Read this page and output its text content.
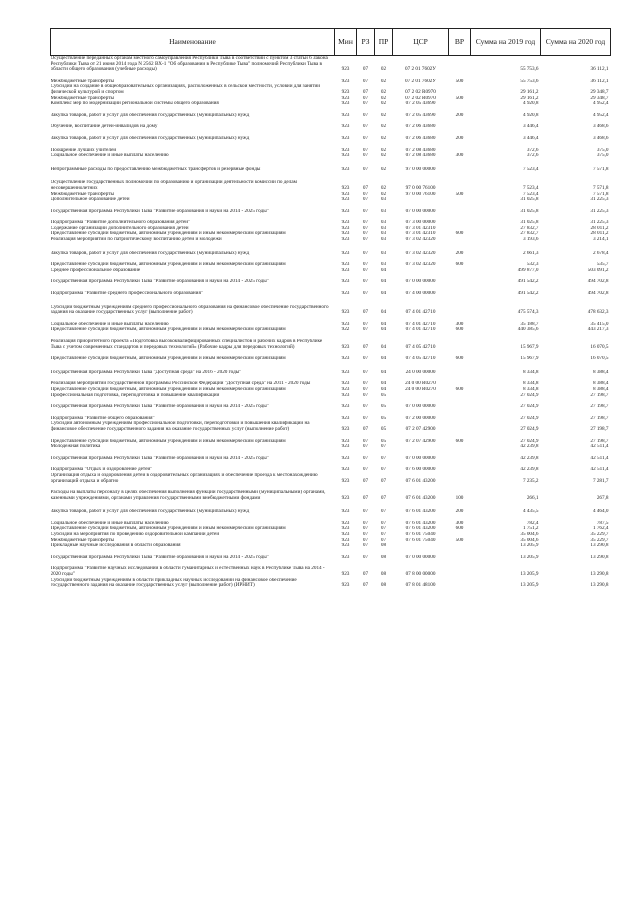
Наименование	Мин	РЗ	ПР	ЦСР	ВР	Сумма на 2019 год	Сумма на 2020 год
Осуществление переданных органам местного самоуправления Республики Тыва в соответствии с пунктом 3 статьи 6 Закона Республики Тыва от 21 июня 2014 года N 2562 ВХ-1 "Об образовании в Республике Тыва" полномочий Республики Тыва в области общего образования (учебные расходы)	923	07	02	07 2 01 7602У		55 753,6	36 112,1

Межбюджетные трансферты	923	07	02	07 2 01 7602У	500	55 753,6	36 112,1
Субсидии на создание в общеобразовательных организациях, расположенных в сельской местности, условий для занятий физической культурой и спортом	923	07	02	07 2 02 R0970		29 161,2	29 348,7
Межбюджетные трансферты	923	07	02	07 2 02 R0970	500	29 161,2	29 348,7
Комплекс мер по модернизации региональной системы общего образования	923	07	02	07 2 05 43690		4 920,8	4 952,4

Закупка товаров, работ и услуг для обеспечения государственных (муниципальных) нужд	923	07	02	07 2 05 43690	200	4 920,8	4 952,4

Обучение, воспитание детей-инвалидов на дому	923	07	02	07 2 06 43680		3 446,4	3 468,6

Закупка товаров, работ и услуг для обеспечения государственных (муниципальных) нужд	923	07	02	07 2 06 43680	200	3 446,4	3 468,6

Поощрение лучших учителей	923	07	02	07 2 08 43680		372,6	375,0
Социальное обеспечение и иные выплаты населению	923	07	02	07 2 08 43680	300	372,6	375,0

Непрограммные расходы по предоставлению межбюджетных трансфертов и резервные фонды	923	07	02	97 0 00 00000		7 523,4	7 571,8

Осуществление государственных полномочий по образованию и организации деятельности комиссий по делам несовершеннолетних	923	07	02	97 0 00 76100		7 523,4	7 571,8
Межбюджетные трансферты	923	07	02	97 0 00 76100	500	7 523,4	7 571,8
Дополнительное образование детей	923	07	03			31 025,8	31 225,3

Государственная программа Республики Тыва "Развитие образования и науки на 2014 - 2025 годы"	923	07	03	07 0 00 00000		31 025,8	31 225,3

Подпрограмма "Развитие дополнительного образования детей"	923	07	03	07 3 00 00000		31 025,8	31 225,3
Содержание организаций дополнительного образования детей	923	07	03	07 3 01 42310		27 832,7	28 011,2
Предоставление субсидий бюджетным, автономным учреждениям и иным некоммерческим организациям	923	07	03	07 3 01 42310	600	27 832,7	28 011,2
Реализация мероприятий по патриотическому воспитанию детей и молодежи	923	07	03	07 3 02 42320		3 193,6	3 214,1

Закупка товаров, работ и услуг для обеспечения государственных (муниципальных) нужд	923	07	03	07 3 02 42320	200	2 661,3	2 678,4

Предоставление субсидий бюджетным, автономным учреждениям и иным некоммерческим организациям	923	07	03	07 3 02 42320	600	532,3	535,7
Среднее профессиональное образование	923	07	04			499 877,0	503 091,2

Государственная программа Республики Тыва "Развитие образования и науки на 2014 - 2025 годы"	923	07	04	07 0 00 00000		491 542,2	494 702,8

Подпрограмма "Развитие среднего профессионального образования"	923	07	04	07 4 00 00000		491 542,2	494 702,8

Субсидии бюджетным учреждениям среднего профессионального образования на финансовое обеспечение государственного задания на оказание государственных услуг (выполнение работ)	923	07	04	07 4 01 42710		475 574,3	478 632,3

Социальное обеспечение и иные выплаты населению	923	07	04	07 4 01 42710	300	35 188,7	35 415,0
Предоставление субсидий бюджетным, автономным учреждениям и иным некоммерческим организациям	922	07	04	07 4 01 42710	600	440 385,6	443 217,3

Реализация приоритетного проекта «Подготовка высококвалифицированных специалистов и рабочих кадров в Республике Тыва с учетом современных стандартов и передовых технологий» (Рабочие кадры для передовых технологий)	923	07	04	07 4 05 42710		15 967,9	16 070,5

Предоставление субсидий бюджетным, автономным учреждениям и иным некоммерческим организациям	923	07	04	07 4 05 42710	600	15 967,9	16 070,5

Государственная программа Республики Тыва "Доступная среда" на 2016 - 2020 годы"	923	07	04	24 0 00 00000		8 334,8	8 388,4

Реализация мероприятий государственной программы Российской Федерации "Доступная среда" на 2011 - 2020 годы	923	07	04	24 0 00 R0270		8 334,8	8 388,4
Предоставление субсидий бюджетным, автономным учреждениям и иным некоммерческим организациям	923	07	04	24 0 00 R0270	600	8 334,8	8 388,4
Профессиональная подготовка, переподготовка и повышение квалификации	923	07	05			27 024,9	27 198,7

Государственная программа Республики Тыва "Развитие образования и науки на 2014 - 2025 годы"	923	07	05	07 0 00 00000		27 024,9	27 198,7

Подпрограмма "Развитие общего образования"	923	07	05	07 2 00 00000		27 024,9	27 198,7
Субсидии автономным учреждениям профессиональной подготовки, переподготовки и повышения квалификации на финансовое обеспечение государственного задания на оказание государственных услуг (выполнение работ)	923	07	05	07 2 07 42900		27 024,9	27 198,7

Предоставление субсидий бюджетным, автономным учреждениям и иным некоммерческим организациям	923	07	05	07 2 07 42900	600	27 024,9	27 198,7
Молодежная политика	923	07	07			42 239,8	42 511,4

Государственная программа Республики Тыва "Развитие образования и науки на 2014 - 2025 годы"	923	07	07	07 0 00 00000		42 239,8	42 511,4

Подпрограмма "Отдых и оздоровление детей"	923	07	07	07 6 00 00000		42 239,8	42 511,4
Организация отдыха и оздоровления детей в оздоровительных организациях и обеспечение проезда к местонахождению организаций отдыха и обратно	923	07	07	07 6 01 43200		7 235,2	7 281,7

Расходы на выплаты персоналу в целях обеспечения выполнения функций государственными (муниципальными) органами, казенными учреждениями, органами управления государственными внебюджетными фондами	923	07	07	07 6 01 43200	100	266,1	267,8

Закупка товаров, работ и услуг для обеспечения государственных (муниципальных) нужд	923	07	07	07 6 01 43200	200	4 435,5	4 464,0

Социальное обеспечение и иные выплаты населению	923	07	07	07 6 01 43200	300	782,4	787,5
Предоставление субсидий бюджетным, автономным учреждениям и иным некоммерческим организациям	923	07	07	07 6 01 43200	600	1 751,2	1 762,4
Субсидии на мероприятия по проведению оздоровительной кампании детей	923	07	07	07 6 01 75040		35 004,6	35 229,7
Межбюджетные трансферты	923	07	07	07 6 01 75040	500	35 004,6	35 229,7
Прикладные научные исследования в области образования	923	07	08			13 205,9	13 290,8

Государственная программа Республики Тыва "Развитие образования и науки на 2014 - 2025 годы"	923	07	08	07 0 00 00000		13 205,9	13 290,8

Подпрограмма "Развитие научных исследований в области гуманитарных и естественных наук в Республике Тыва на 2014 - 2020 годы"	923	07	08	07 8 00 00000		13 205,9	13 290,8
Субсидии бюджетным учреждениям в области прикладных научных исследований на финансовое обеспечение государственного задания на оказание государственных услуг (выполнение работ) (ИРНИТ)	923	07	08	07 8 01 48100		13 205,9	13 290,8
